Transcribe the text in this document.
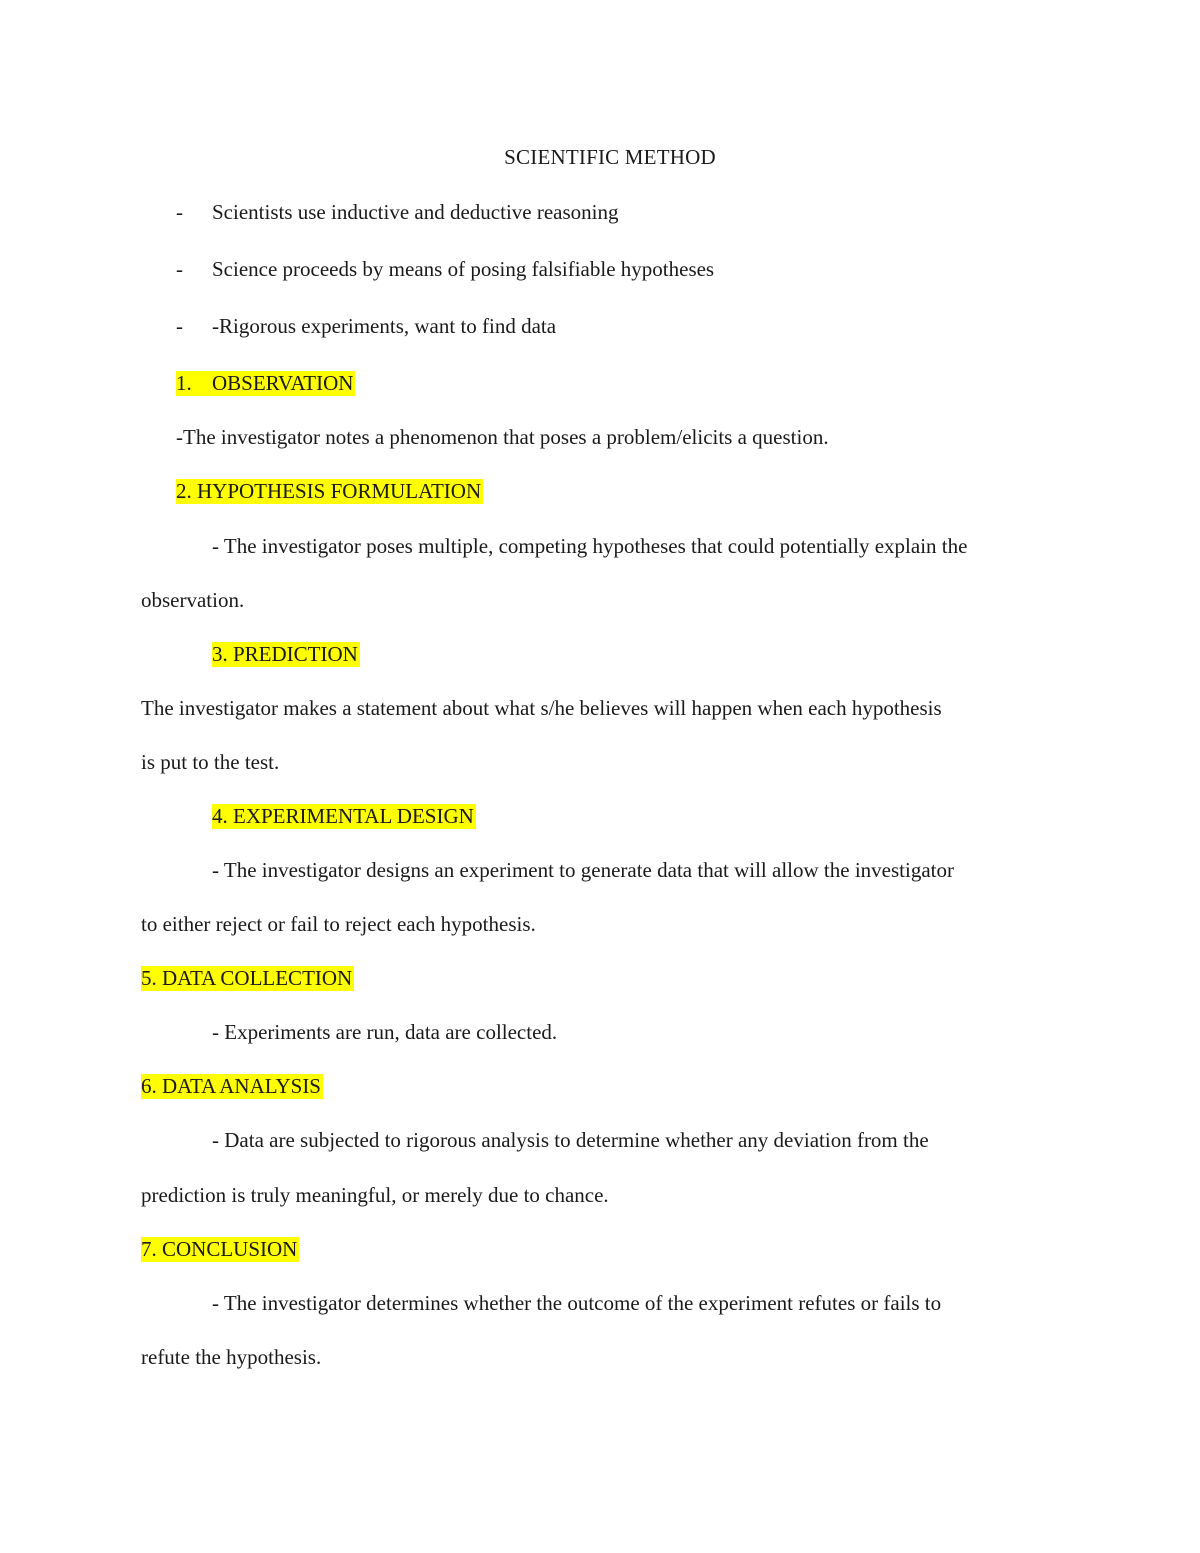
SCIENTIFIC METHOD
- Scientists use inductive and deductive reasoning
- Science proceeds by means of posing falsifiable hypotheses
- -Rigorous experiments, want to find data
1. OBSERVATION
-The investigator notes a phenomenon that poses a problem/elicits a question.
2. HYPOTHESIS FORMULATION
- The investigator poses multiple, competing hypotheses that could potentially explain the
observation.
3. PREDICTION
The investigator makes a statement about what s/he believes will happen when each hypothesis
is put to the test.
4. EXPERIMENTAL DESIGN
- The investigator designs an experiment to generate data that will allow the investigator
to either reject or fail to reject each hypothesis.
5. DATA COLLECTION
- Experiments are run, data are collected.
6. DATA ANALYSIS
- Data are subjected to rigorous analysis to determine whether any deviation from the
prediction is truly meaningful, or merely due to chance.
7. CONCLUSION
- The investigator determines whether the outcome of the experiment refutes or fails to
refute the hypothesis.
